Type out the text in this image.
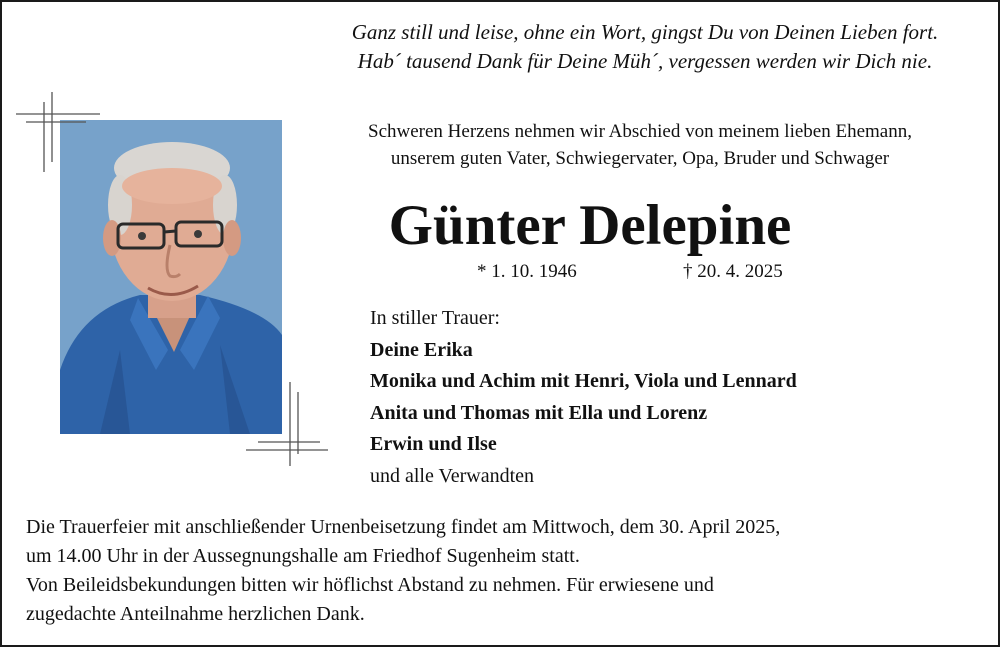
Ganz still und leise, ohne ein Wort, gingst Du von Deinen Lieben fort.
Hab´ tausend Dank für Deine Müh´, vergessen werden wir Dich nie.
Schweren Herzens nehmen wir Abschied von meinem lieben Ehemann,
unserem guten Vater, Schwiegervater, Opa, Bruder und Schwager
Günter Delepine
* 1. 10. 1946	† 20. 4. 2025
In stiller Trauer:
Deine Erika
Monika und Achim mit Henri, Viola und Lennard
Anita und Thomas mit Ella und Lorenz
Erwin und Ilse
und alle Verwandten
Die Trauerfeier mit anschließender Urnenbeisetzung findet am Mittwoch, dem 30. April 2025,
um 14.00 Uhr in der Aussegnungshalle am Friedhof Sugenheim statt.
Von Beileidsbekundungen bitten wir höflichst Abstand zu nehmen. Für erwiesene und
zugedachte Anteilnahme herzlichen Dank.
